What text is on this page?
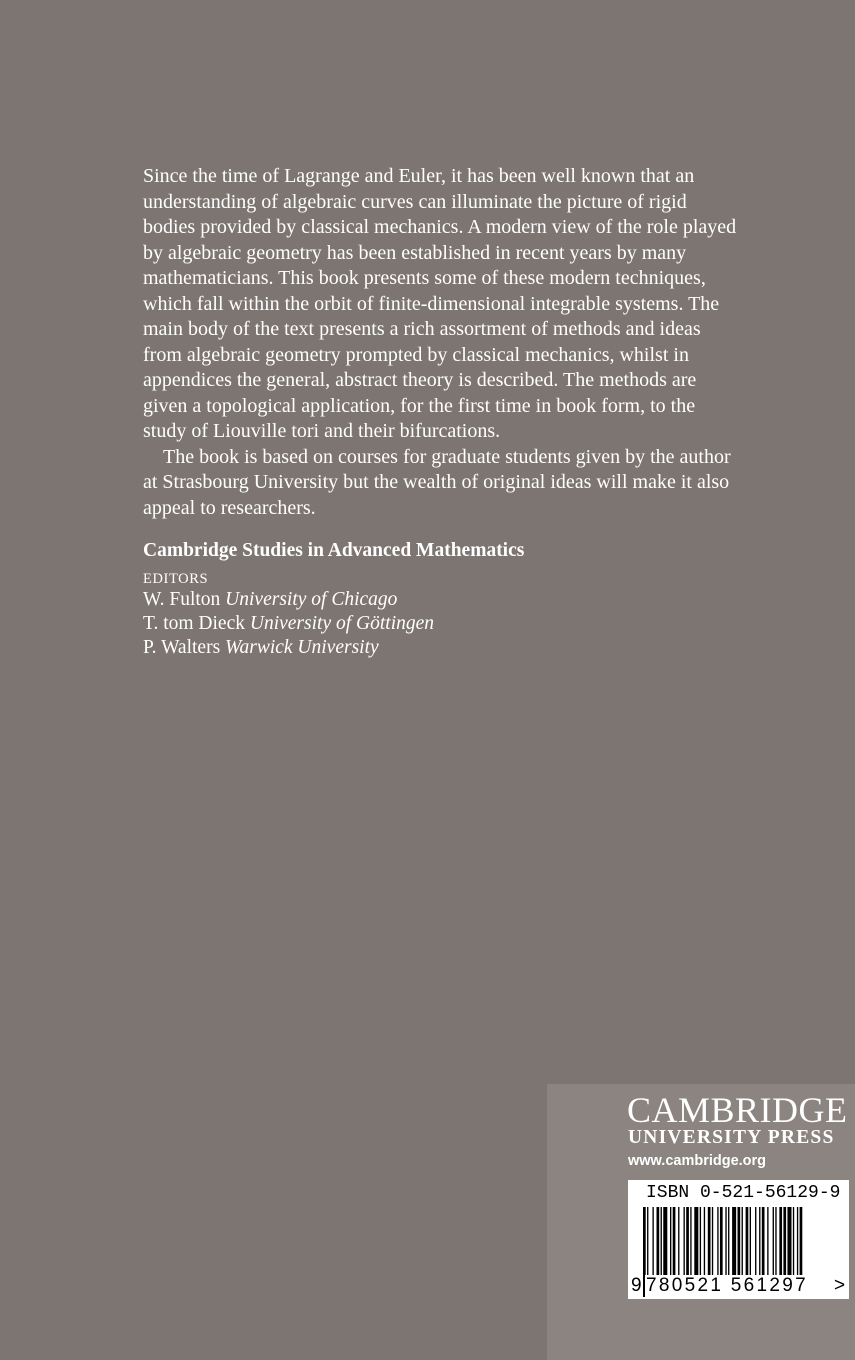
Since the time of Lagrange and Euler, it has been well known that an understanding of algebraic curves can illuminate the picture of rigid bodies provided by classical mechanics. A modern view of the role played by algebraic geometry has been established in recent years by many mathematicians. This book presents some of these modern techniques, which fall within the orbit of finite-dimensional integrable systems. The main body of the text presents a rich assortment of methods and ideas from algebraic geometry prompted by classical mechanics, whilst in appendices the general, abstract theory is described. The methods are given a topological application, for the first time in book form, to the study of Liouville tori and their bifurcations.

The book is based on courses for graduate students given by the author at Strasbourg University but the wealth of original ideas will make it also appeal to researchers.

Cambridge Studies in Advanced Mathematics
EDITORS
W. Fulton University of Chicago
T. tom Dieck University of Göttingen
P. Walters Warwick University
CAMBRIDGE
UNIVERSITY PRESS
www.cambridge.org
ISBN 0-521-56129-9
9 780521 561297 >
